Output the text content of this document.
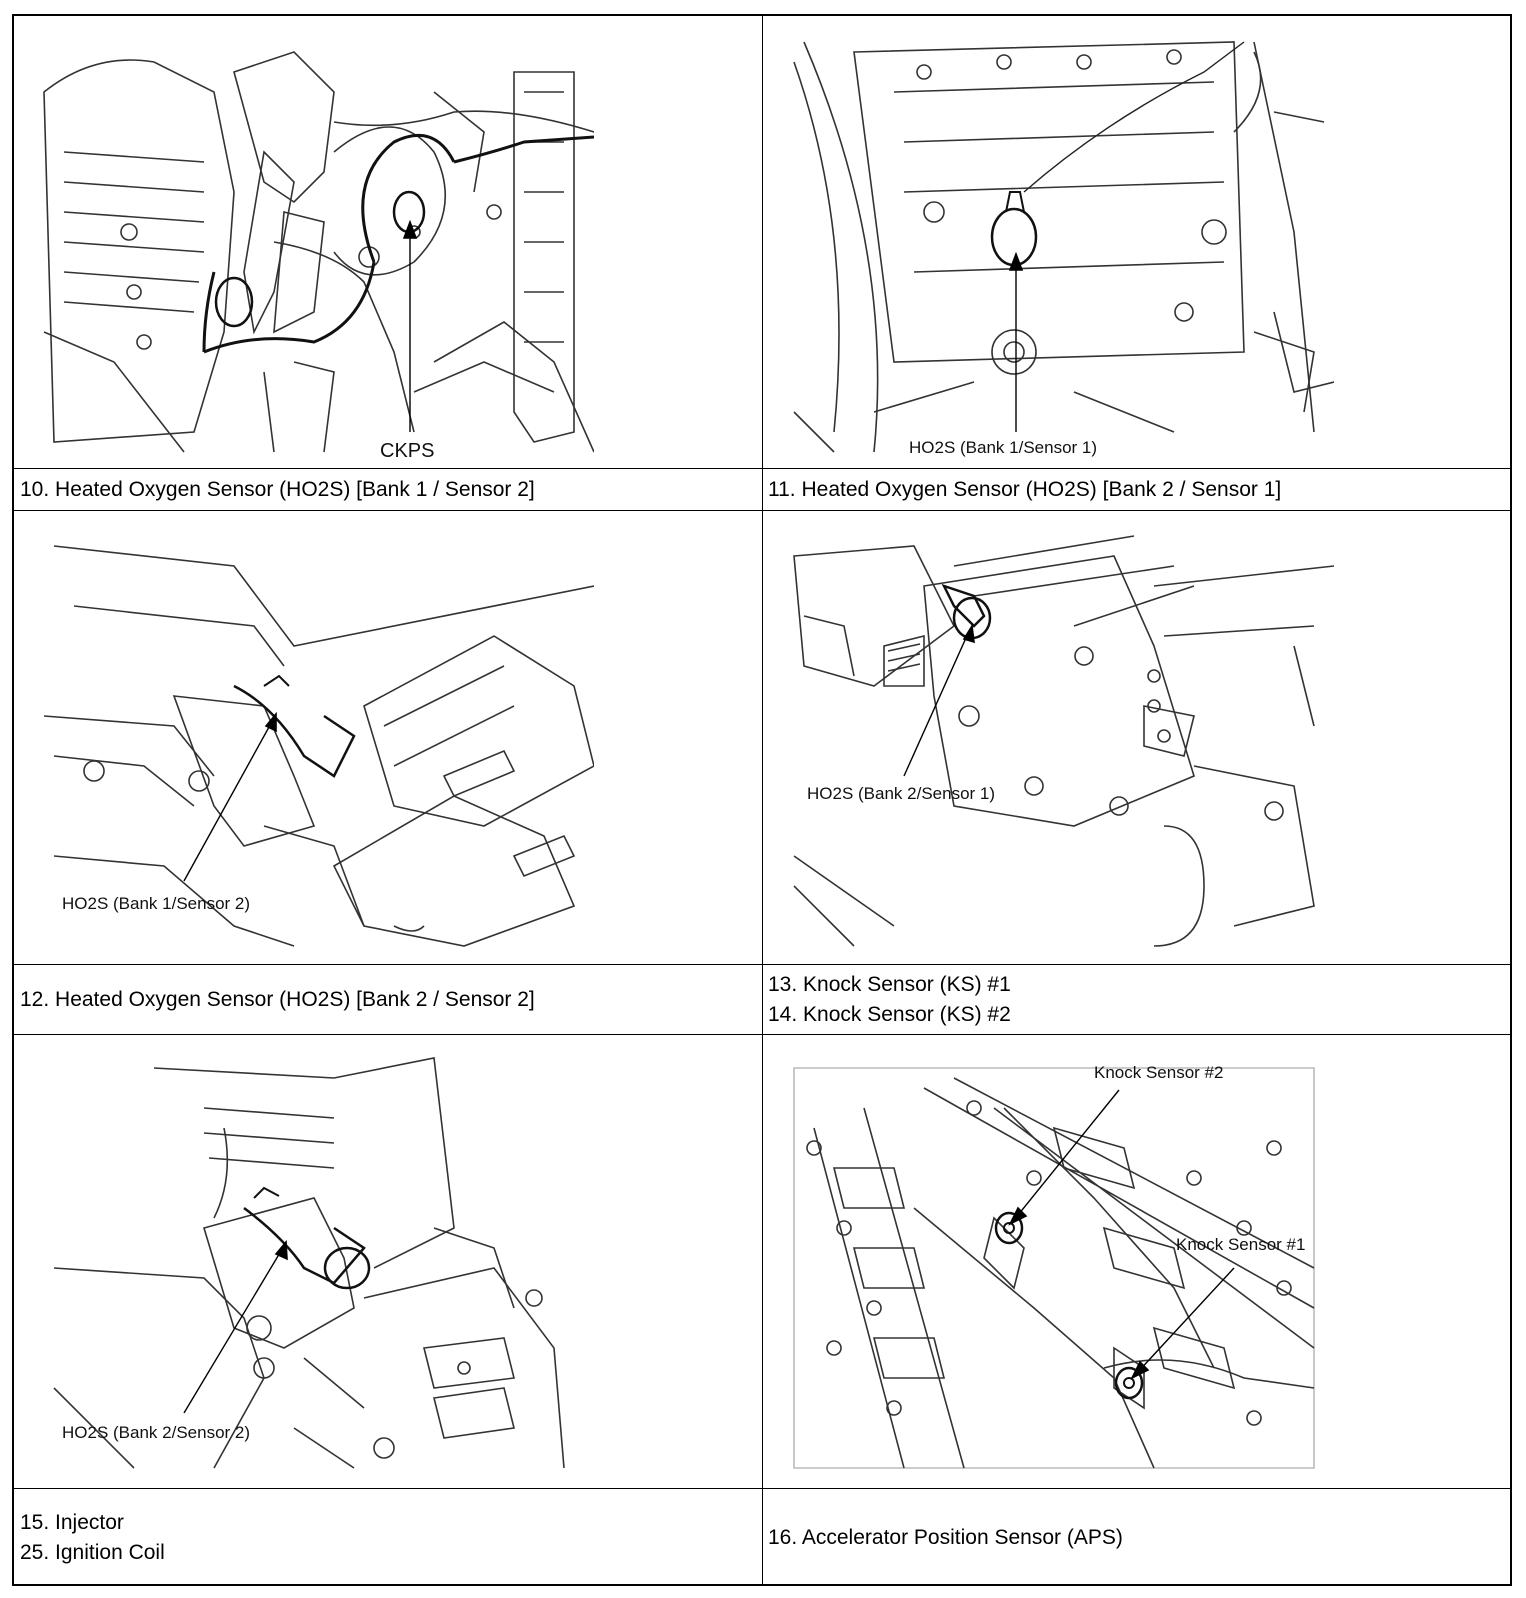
CKPS	HO2S (Bank 1/Sensor 1)
10. Heated Oxygen Sensor (HO2S) [Bank 1 / Sensor 2]	11. Heated Oxygen Sensor (HO2S) [Bank 2 / Sensor 1]
HO2S (Bank 1/Sensor 2)
HO2S (Bank 2/Sensor 1)
12. Heated Oxygen Sensor (HO2S) [Bank 2 / Sensor 2]
13. Knock Sensor (KS) #1
14. Knock Sensor (KS) #2
HO2S (Bank 2/Sensor 2)
Knock Sensor #2
Knock Sensor #1
15. Injector
25. Ignition Coil
16. Accelerator Position Sensor (APS)
